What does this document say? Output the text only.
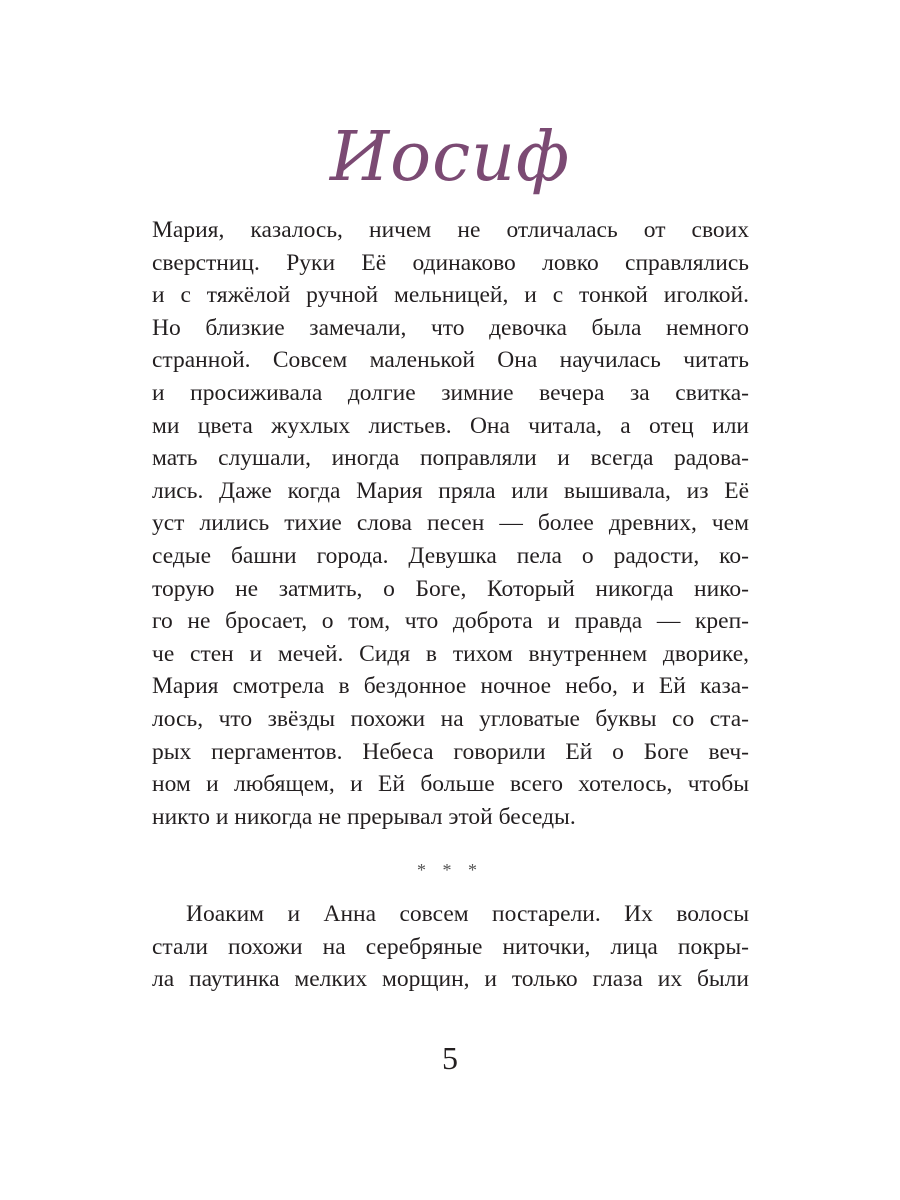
Иосиф
Мария, казалось, ничем не отличалась от своих
сверстниц. Руки Её одинаково ловко справлялись
и с тяжёлой ручной мельницей, и с тонкой иголкой.
Но близкие замечали, что девочка была немного
странной. Совсем маленькой Она научилась читать
и просиживала долгие зимние вечера за свитка-
ми цвета жухлых листьев. Она читала, а отец или
мать слушали, иногда поправляли и всегда радова-
лись. Даже когда Мария пряла или вышивала, из Её
уст лились тихие слова песен — более древних, чем
седые башни города. Девушка пела о радости, ко-
торую не затмить, о Боге, Который никогда нико-
го не бросает, о том, что доброта и правда — креп-
че стен и мечей. Сидя в тихом внутреннем дворике,
Мария смотрела в бездонное ночное небо, и Ей каза-
лось, что звёзды похожи на угловатые буквы со ста-
рых пергаментов. Небеса говорили Ей о Боге веч-
ном и любящем, и Ей больше всего хотелось, чтобы
никто и никогда не прерывал этой беседы.
* * *
Иоаким и Анна совсем постарели. Их волосы
стали похожи на серебряные ниточки, лица покры-
ла паутинка мелких морщин, и только глаза их были
5
